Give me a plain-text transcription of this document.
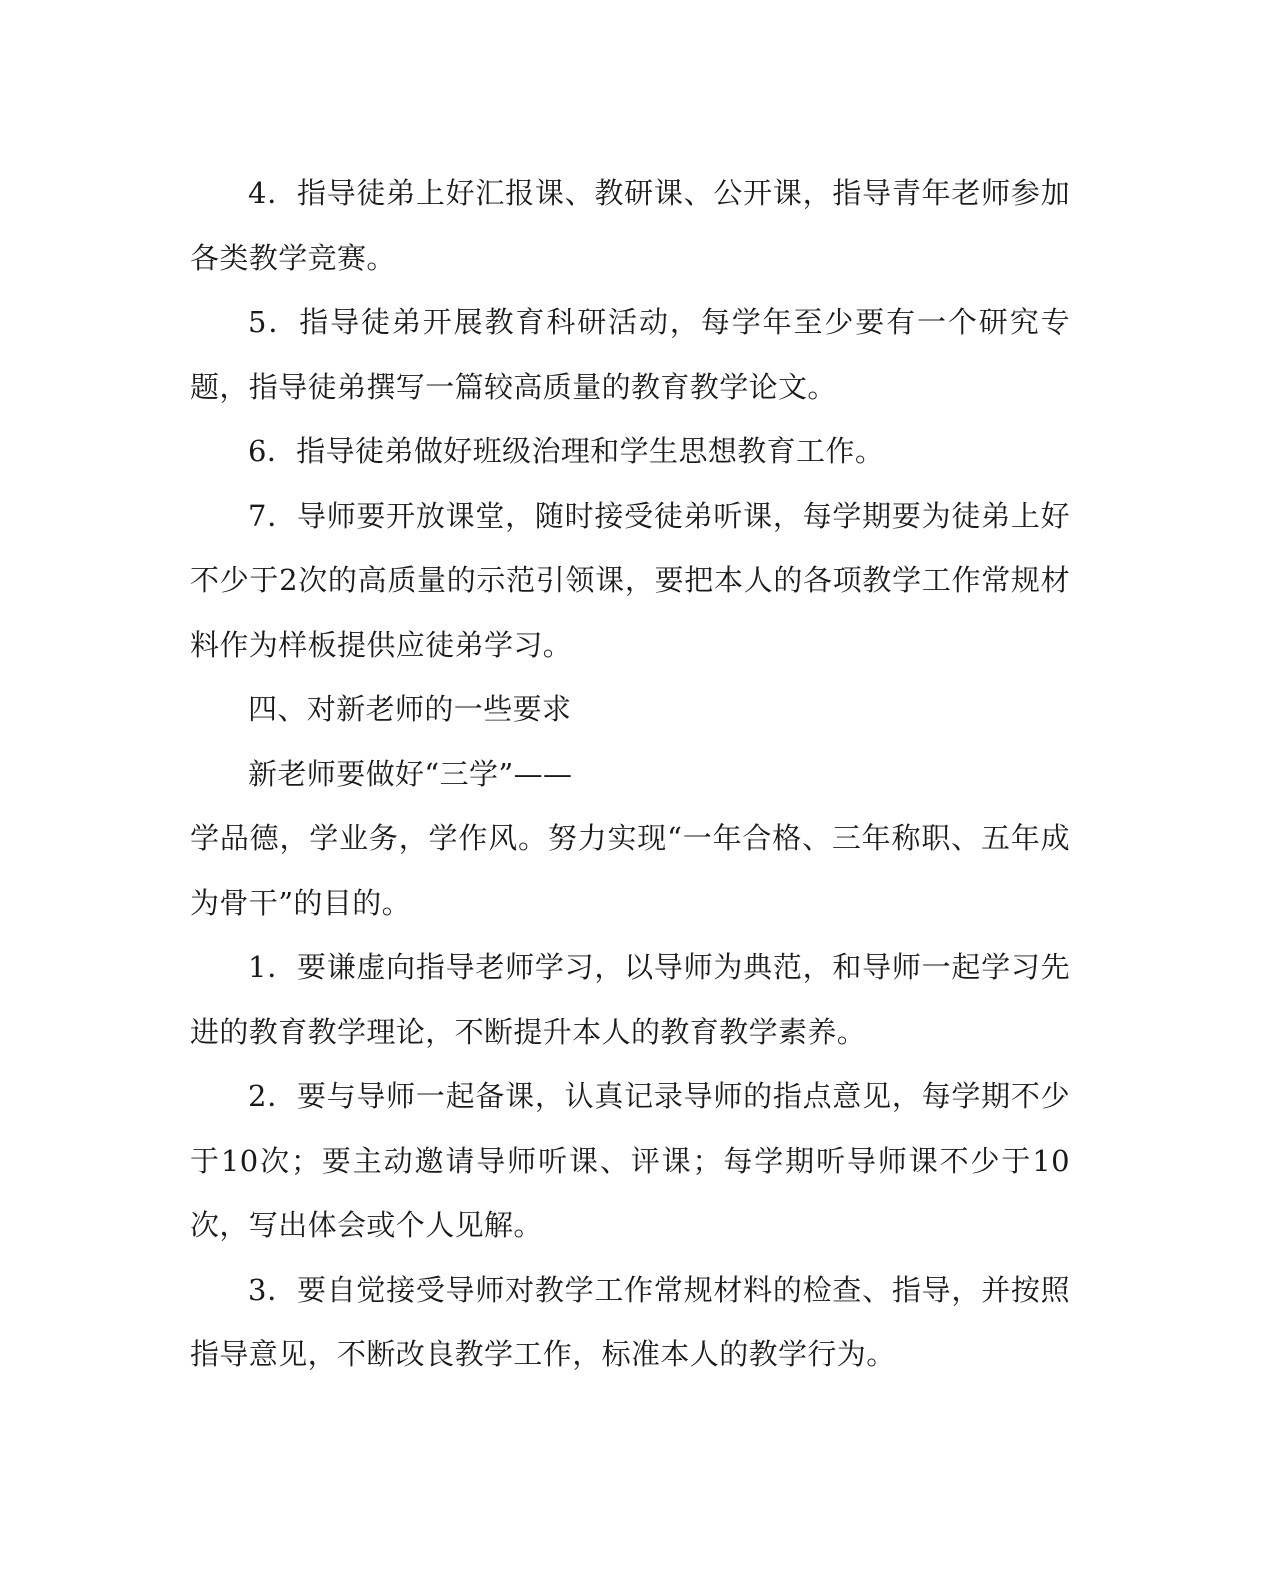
4．指导徒弟上好汇报课、教研课、公开课，指导青年老师参加各类教学竞赛。

5．指导徒弟开展教育科研活动，每学年至少要有一个研究专题，指导徒弟撰写一篇较高质量的教育教学论文。

6．指导徒弟做好班级治理和学生思想教育工作。

7．导师要开放课堂，随时接受徒弟听课，每学期要为徒弟上好不少于2次的高质量的示范引领课，要把本人的各项教学工作常规材料作为样板提供应徒弟学习。

四、对新老师的一些要求

新老师要做好“三学”——

学品德，学业务，学作风。努力实现“一年合格、三年称职、五年成为骨干”的目的。

1．要谦虚向指导老师学习，以导师为典范，和导师一起学习先进的教育教学理论，不断提升本人的教育教学素养。

2．要与导师一起备课，认真记录导师的指点意见，每学期不少于10次；要主动邀请导师听课、评课；每学期听导师课不少于10次，写出体会或个人见解。

3．要自觉接受导师对教学工作常规材料的检查、指导，并按照指导意见，不断改良教学工作，标准本人的教学行为。
